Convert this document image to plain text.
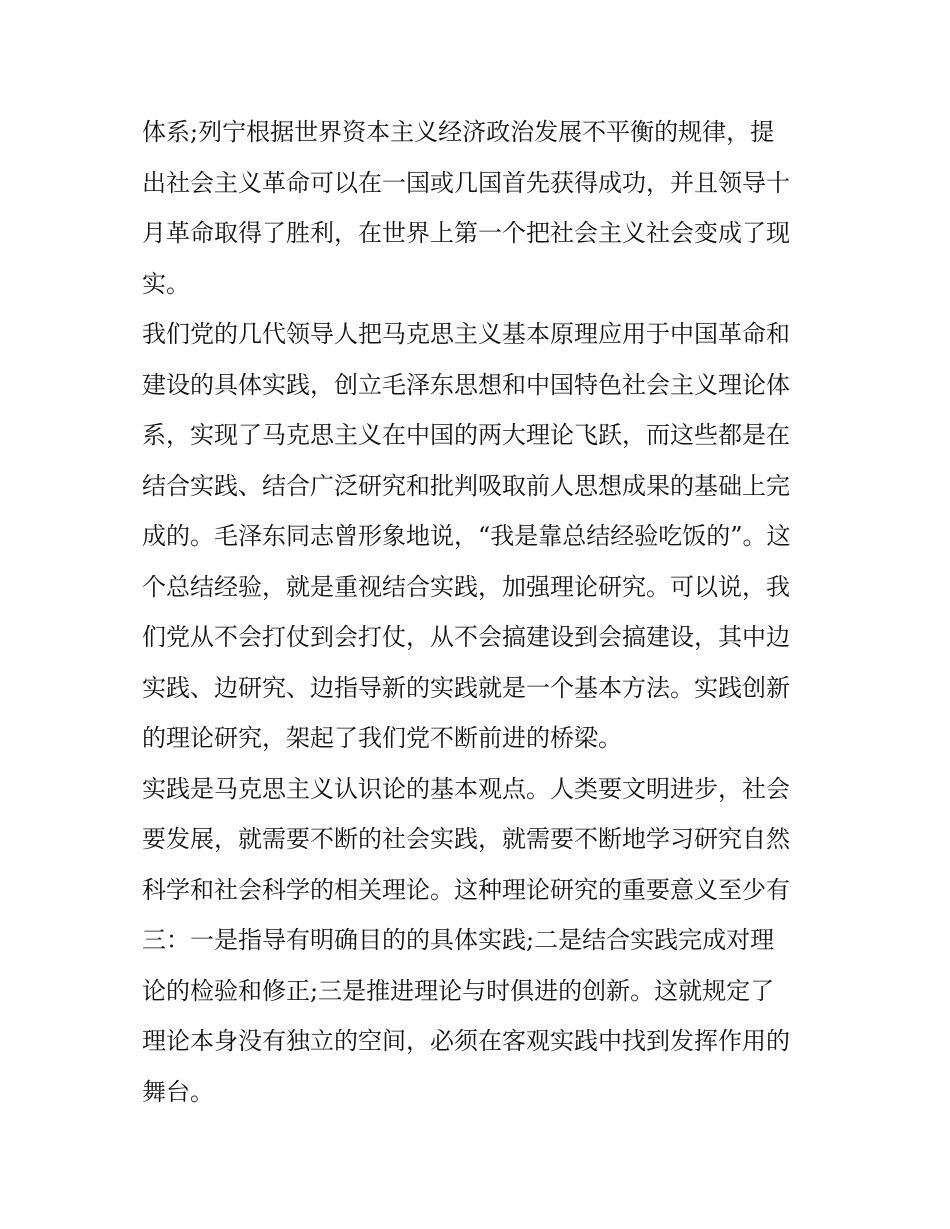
体系;列宁根据世界资本主义经济政治发展不平衡的规律，提
出社会主义革命可以在一国或几国首先获得成功，并且领导十
月革命取得了胜利，在世界上第一个把社会主义社会变成了现
实。
我们党的几代领导人把马克思主义基本原理应用于中国革命和
建设的具体实践，创立毛泽东思想和中国特色社会主义理论体
系，实现了马克思主义在中国的两大理论飞跃，而这些都是在
结合实践、结合广泛研究和批判吸取前人思想成果的基础上完
成的。毛泽东同志曾形象地说，“我是靠总结经验吃饭的”。这
个总结经验，就是重视结合实践，加强理论研究。可以说，我
们党从不会打仗到会打仗，从不会搞建设到会搞建设，其中边
实践、边研究、边指导新的实践就是一个基本方法。实践创新
的理论研究，架起了我们党不断前进的桥梁。
实践是马克思主义认识论的基本观点。人类要文明进步，社会
要发展，就需要不断的社会实践，就需要不断地学习研究自然
科学和社会科学的相关理论。这种理论研究的重要意义至少有
三：一是指导有明确目的的具体实践;二是结合实践完成对理
论的检验和修正;三是推进理论与时俱进的创新。这就规定了
理论本身没有独立的空间，必须在客观实践中找到发挥作用的
舞台。
